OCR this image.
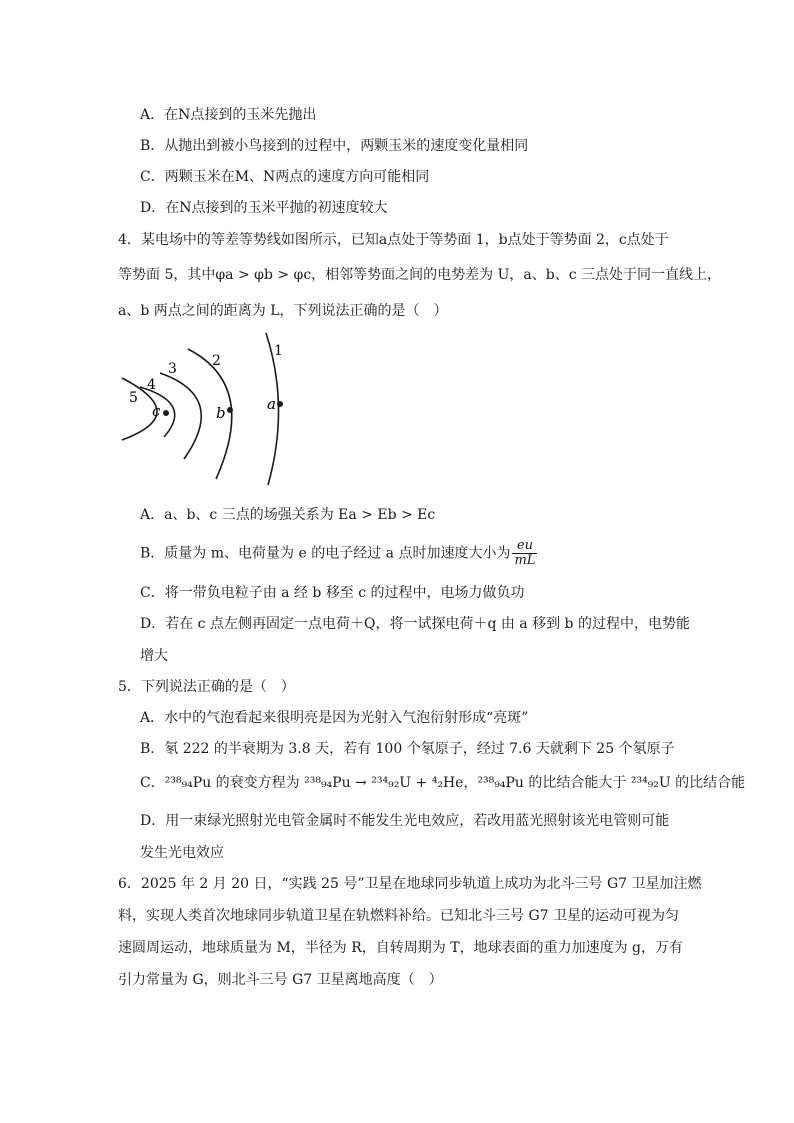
A．在N点接到的玉米先抛出
B．从抛出到被小鸟接到的过程中，两颗玉米的速度变化量相同
C．两颗玉米在M、N两点的速度方向可能相同
D．在N点接到的玉米平抛的初速度较大
4．某电场中的等差等势线如图所示，已知a点处于等势面 1，b点处于等势面 2，c点处于
等势面 5，其中φa > φb > φc，相邻等势面之间的电势差为 U，a、b、c 三点处于同一直线上，
a、b 两点之间的距离为 L，下列说法正确的是（　）
1
2
3
4
5	a
b
c
A．a、b、c 三点的场强关系为 Ea > Eb > Ec
B．质量为 m、电荷量为 e 的电子经过 a 点时加速度大小为 $\frac{eu}{mL}$
C．将一带负电粒子由 a 经 b 移至 c 的过程中，电场力做负功
D．若在 c 点左侧再固定一点电荷＋Q，将一试探电荷＋q 由 a 移到 b 的过程中，电势能
增大
5．下列说法正确的是（　）
A．水中的气泡看起来很明亮是因为光射入气泡衍射形成“亮斑”
B．氡 222 的半衰期为 3.8 天，若有 100 个氡原子，经过 7.6 天就剩下 25 个氡原子
C．²³⁸₉₄Pu 的衰变方程为 ²³⁸₉₄Pu → ²³⁴₉₂U + ⁴₂He，²³⁸₉₄Pu 的比结合能大于 ²³⁴₉₂U 的比结合能
D．用一束绿光照射光电管金属时不能发生光电效应，若改用蓝光照射该光电管则可能
发生光电效应
6．2025 年 2 月 20 日，“实践 25 号”卫星在地球同步轨道上成功为北斗三号 G7 卫星加注燃
料，实现人类首次地球同步轨道卫星在轨燃料补给。已知北斗三号 G7 卫星的运动可视为匀
速圆周运动，地球质量为 M，半径为 R，自转周期为 T，地球表面的重力加速度为 g，万有
引力常量为 G，则北斗三号 G7 卫星离地高度（　）
